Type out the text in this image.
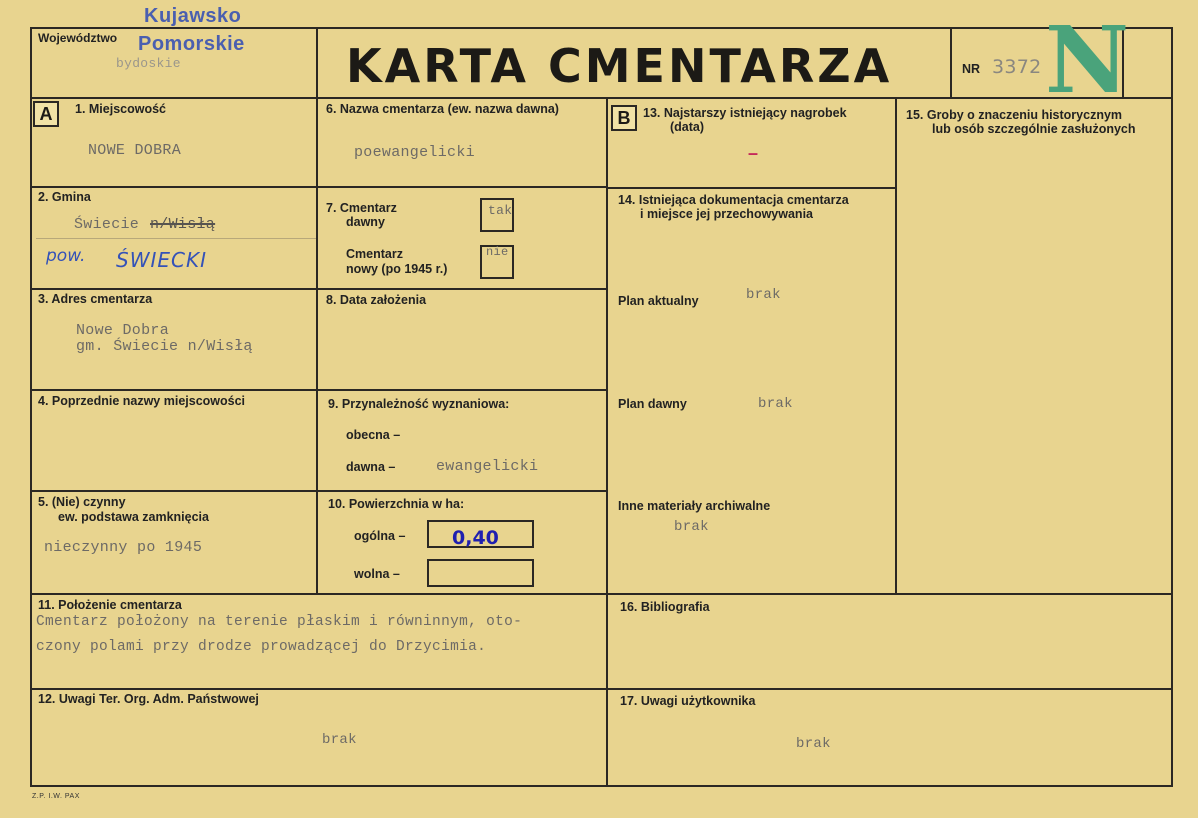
Województwo
Kujawsko
Pomorskie
bydoskie	KARTA CMENTARZA	NR 3372 N
A	1. Miejscowość
NOWE DOBRA
2. Gmina
Świecie n/Wisłą
pow. ŚWIECKI
3. Adres cmentarza
Nowe Dobra
gm. Świecie n/Wisłą
4. Poprzednie nazwy miejscowości
5. (Nie) czynny
ew. podstawa zamknięcia
nieczynny po 1945
6. Nazwa cmentarza (ew. nazwa dawna)
poewangelicki
7. Cmentarz
dawny
tak
Cmentarz
nowy (po 1945 r.)
nie
8. Data założenia
9. Przynależność wyznaniowa:
obecna –
dawna –	ewangelicki
10. Powierzchnia w ha:
ogólna – 0,40
wolna –
B	13. Najstarszy istniejący nagrobek
(data)
–
14. Istniejąca dokumentacja cmentarza
i miejsce jej przechowywania
Plan aktualny	brak
Plan dawny	brak
Inne materiały archiwalne
brak
15. Groby o znaczeniu historycznym
lub osób szczególnie zasłużonych
11. Położenie cmentarza
Cmentarz położony na terenie płaskim i równinnym, oto-
czony polami przy drodze prowadzącej do Drzycimia.
12. Uwagi Ter. Org. Adm. Państwowej
brak
16. Bibliografia
17. Uwagi użytkownika
brak
Z.P. I.W. PAX
